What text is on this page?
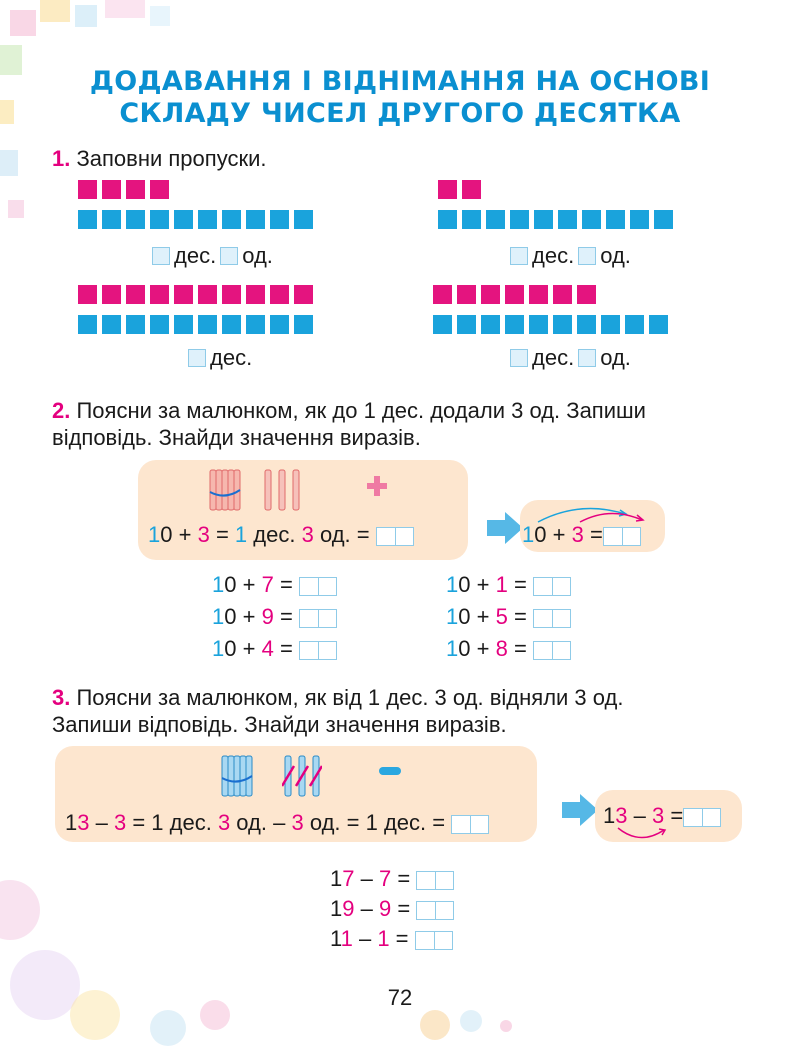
ДОДАВАННЯ І ВІДНІМАННЯ НА ОСНОВІ
СКЛАДУ ЧИСЕЛ ДРУГОГО ДЕСЯТКА
1. Заповни пропуски.
дес. од.	дес. од.
дес.	дес. од.
2. Поясни за малюнком, як до 1 дес. додали 3 од. Запиши
відповідь. Знайди значення виразів.
10 + 3 = 1 дес. 3 од. =	10 + 3 =
10 + 7 =	10 + 1 =
10 + 9 =	10 + 5 =
10 + 4 =	10 + 8 =
3. Поясни за малюнком, як від 1 дес. 3 од. відняли 3 од.
Запиши відповідь. Знайди значення виразів.
13 – 3 = 1 дес. 3 од. – 3 од. = 1 дес. =	13 – 3 =
17 – 7 =
19 – 9 =
11 – 1 =
72
